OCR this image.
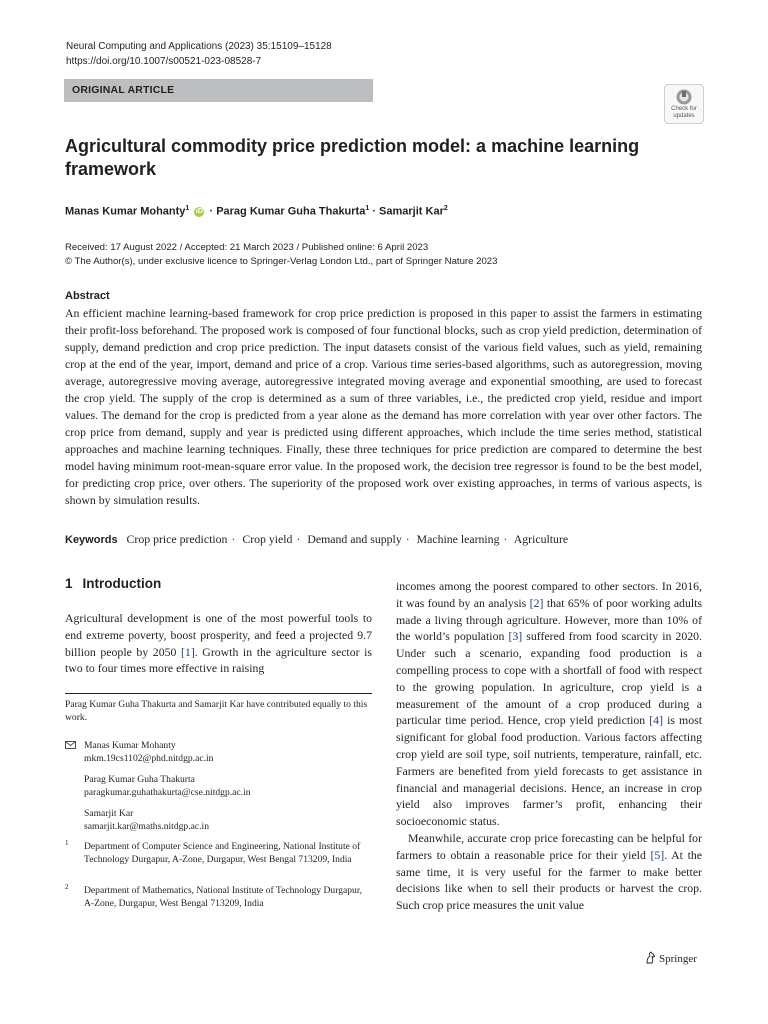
Neural Computing and Applications (2023) 35:15109–15128
https://doi.org/10.1007/s00521-023-08528-7
ORIGINAL ARTICLE
Check for updates
Agricultural commodity price prediction model: a machine learning framework
Manas Kumar Mohanty$^1$ iD · Parag Kumar Guha Thakurta$^1$ · Samarjit Kar$^2$
Received: 17 August 2022 / Accepted: 21 March 2023 / Published online: 6 April 2023
© The Author(s), under exclusive licence to Springer-Verlag London Ltd., part of Springer Nature 2023
Abstract

An efficient machine learning-based framework for crop price prediction is proposed in this paper to assist the farmers in estimating their profit-loss beforehand. The proposed work is composed of four functional blocks, such as crop yield prediction, determination of supply, demand prediction and crop price prediction. The input datasets consist of the various field values, such as yield, remaining crop at the end of the year, import, demand and price of a crop. Various time series-based algorithms, such as autoregression, moving average, autoregressive moving average, autoregressive integrated moving average and exponential smoothing, are used to forecast the crop yield. The supply of the crop is determined as a sum of three variables, i.e., the predicted crop yield, residue and import values. The demand for the crop is predicted from a year alone as the demand has more correlation with year over other factors. The crop price from demand, supply and year is predicted using different approaches, which include the time series method, statistical approaches and machine learning techniques. Finally, these three techniques for price prediction are compared to determine the best model having minimum root-mean-square error value. In the proposed work, the decision tree regressor is found to be the best model, for predicting crop price, over others. The superiority of the proposed work over existing approaches, in terms of various aspects, is shown by simulation results.

Keywords Crop price prediction · Crop yield · Demand and supply · Machine learning · Agriculture
1 Introduction

Agricultural development is one of the most powerful tools to end extreme poverty, boost prosperity, and feed a projected 9.7 billion people by 2050 [1]. Growth in the agriculture sector is two to four times more effective in raising

Parag Kumar Guha Thakurta and Samarjit Kar have contributed equally to this work.
Manas Kumar Mohanty
mkm.19cs1102@phd.nitdgp.ac.in
Parag Kumar Guha Thakurta
paragkumar.guhathakurta@cse.nitdgp.ac.in
Samarjit Kar
samarjit.kar@maths.nitdgp.ac.in
1 Department of Computer Science and Engineering, National Institute of Technology Durgapur, A-Zone, Durgapur, West Bengal 713209, India
2 Department of Mathematics, National Institute of Technology Durgapur, A-Zone, Durgapur, West Bengal 713209, India

incomes among the poorest compared to other sectors. In 2016, it was found by an analysis [2] that 65% of poor working adults made a living through agriculture. However, more than 10% of the world’s population [3] suffered from food scarcity in 2020. Under such a scenario, expanding food production is a compelling process to cope with a shortfall of food with respect to the growing population. In agriculture, crop yield is a measurement of the amount of a crop produced during a particular time period. Hence, crop yield prediction [4] is most significant for global food production. Various factors affecting crop yield are soil type, soil nutrients, temperature, rainfall, etc. Farmers are benefited from yield forecasts to get assistance in financial and managerial decisions. Hence, an increase in crop yield also improves farmer’s profit, enhancing their socioeconomic status.

Meanwhile, accurate crop price forecasting can be helpful for farmers to obtain a reasonable price for their yield [5]. At the same time, it is very useful for the farmer to make better decisions like when to sell their products or harvest the crop. Such crop price measures the unit value

Springer
